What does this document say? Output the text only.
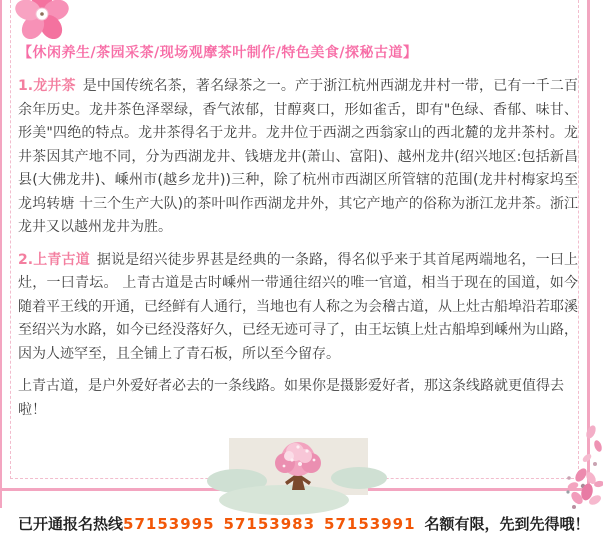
【休闲养生/茶园采茶/现场观摩茶叶制作/特色美食/探秘古道】

1.龙井茶 是中国传统名茶，著名绿茶之一。产于浙江杭州西湖龙井村一带，已有一千二百余年历史。龙井茶色泽翠绿，香气浓郁，甘醇爽口，形如雀舌，即有"色绿、香郁、味甘、形美"四绝的特点。龙井茶得名于龙井。龙井位于西湖之西翁家山的西北麓的龙井茶村。龙井茶因其产地不同，分为西湖龙井、钱塘龙井(萧山、富阳)、越州龙井(绍兴地区:包括新昌县(大佛龙井)、嵊州市(越乡龙井))三种，除了杭州市西湖区所管辖的范围(龙井村梅家坞至龙坞转塘 十三个生产大队)的茶叶叫作西湖龙井外，其它产地产的俗称为浙江龙井茶。浙江龙井又以越州龙井为胜。

2.上青古道 据说是绍兴徒步界甚是经典的一条路，得名似乎来于其首尾两端地名，一曰上灶，一曰青坛。 上青古道是古时嵊州一带通往绍兴的唯一官道，相当于现在的国道，如今随着平王线的开通，已经鲜有人通行，当地也有人称之为会稽古道，从上灶古船埠沿若耶溪至绍兴为水路，如今已经没落好久，已经无迹可寻了，由王坛镇上灶古船埠到嵊州为山路，因为人迹罕至，且全铺上了青石板，所以至今留存。

上青古道，是户外爱好者必去的一条线路。如果你是摄影爱好者，那这条线路就更值得去啦！

已开通报名热线57153995 57153983 57153991 名额有限，先到先得哦！
